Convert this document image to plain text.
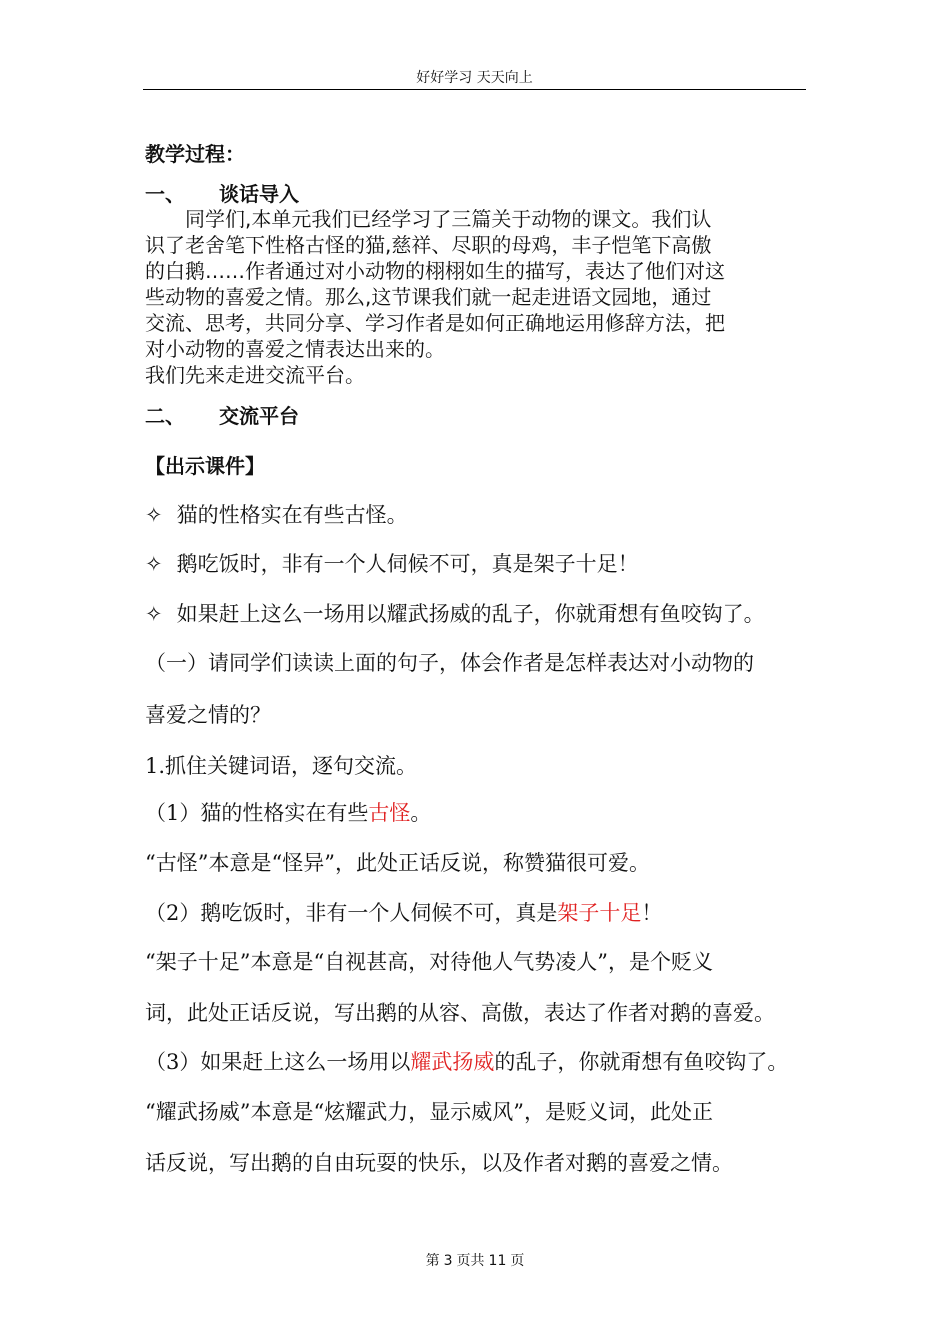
好好学习 天天向上
教学过程：
一、 谈话导入
同学们,本单元我们已经学习了三篇关于动物的课文。我们认
识了老舍笔下性格古怪的猫,慈祥、尽职的母鸡，丰子恺笔下高傲
的白鹅……作者通过对小动物的栩栩如生的描写，表达了他们对这
些动物的喜爱之情。那么,这节课我们就一起走进语文园地，通过
交流、思考，共同分享、学习作者是如何正确地运用修辞方法，把
对小动物的喜爱之情表达出来的。
我们先来走进交流平台。
二、 交流平台
【出示课件】
✧ 猫的性格实在有些古怪。
✧ 鹅吃饭时，非有一个人伺候不可，真是架子十足！
✧ 如果赶上这么一场用以耀武扬威的乱子，你就甭想有鱼咬钩了。
（一）请同学们读读上面的句子，体会作者是怎样表达对小动物的
喜爱之情的？
1.抓住关键词语，逐句交流。
（1）猫的性格实在有些古怪。
“古怪”本意是“怪异”，此处正话反说，称赞猫很可爱。
（2）鹅吃饭时，非有一个人伺候不可，真是架子十足！
“架子十足”本意是“自视甚高，对待他人气势凌人”，是个贬义
词，此处正话反说，写出鹅的从容、高傲，表达了作者对鹅的喜爱。
（3）如果赶上这么一场用以耀武扬威的乱子，你就甭想有鱼咬钩了。
“耀武扬威”本意是“炫耀武力，显示威风”，是贬义词，此处正
话反说，写出鹅的自由玩耍的快乐，以及作者对鹅的喜爱之情。
第 3 页共 11 页
